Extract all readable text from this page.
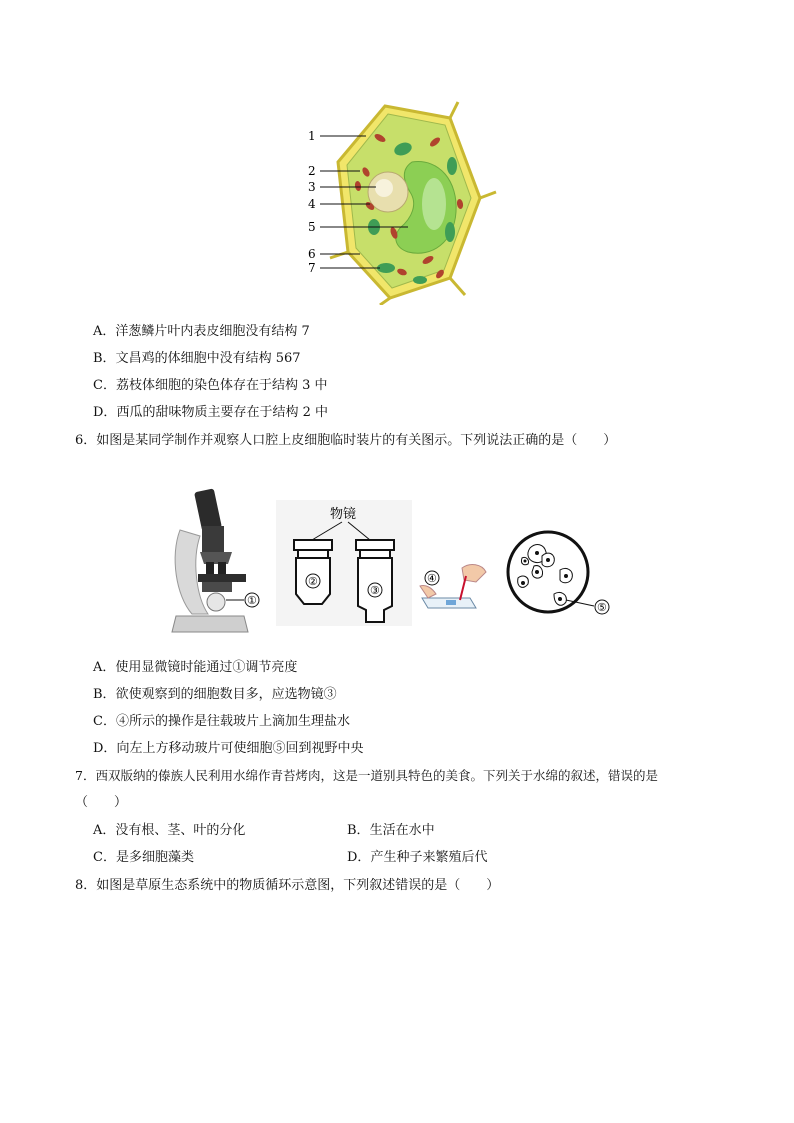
1
2
3
4
5
6
7
A．洋葱鳞片叶内表皮细胞没有结构 7
B．文昌鸡的体细胞中没有结构 567
C．荔枝体细胞的染色体存在于结构 3 中
D．西瓜的甜味物质主要存在于结构 2 中
6．如图是某同学制作并观察人口腔上皮细胞临时装片的有关图示。下列说法正确的是（　　）
①
物镜
②
③
④
⑤
A．使用显微镜时能通过①调节亮度
B．欲使观察到的细胞数目多，应选物镜③
C．④所示的操作是往载玻片上滴加生理盐水
D．向左上方移动玻片可使细胞⑤回到视野中央
7．西双版纳的傣族人民利用水绵作青苔烤肉，这是一道别具特色的美食。下列关于水绵的叙述，错误的是
（　　）
A．没有根、茎、叶的分化	B．生活在水中
C．是多细胞藻类	D．产生种子来繁殖后代
8．如图是草原生态系统中的物质循环示意图，下列叙述错误的是（　　）
